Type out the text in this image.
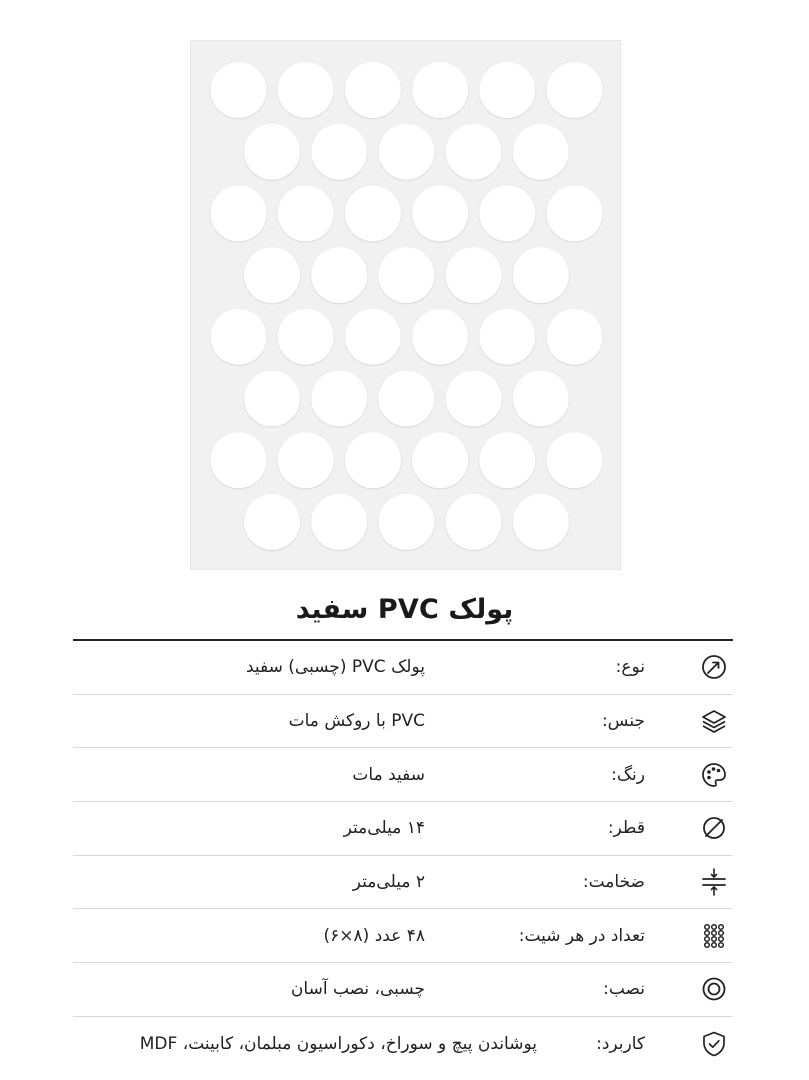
پولک PVC سفید
نوع:
پولک PVC (چسبی) سفید
جنس:
PVC با روکش مات
رنگ:
سفید مات
قطر:
۱۴ میلی‌متر
ضخامت:
۲ میلی‌متر
تعداد در هر شیت:
۴۸ عدد (۸×۶)
نصب:
چسبی، نصب آسان
کاربرد:
پوشاندن پیچ و سوراخ، دکوراسیون مبلمان، کابینت، MDF
